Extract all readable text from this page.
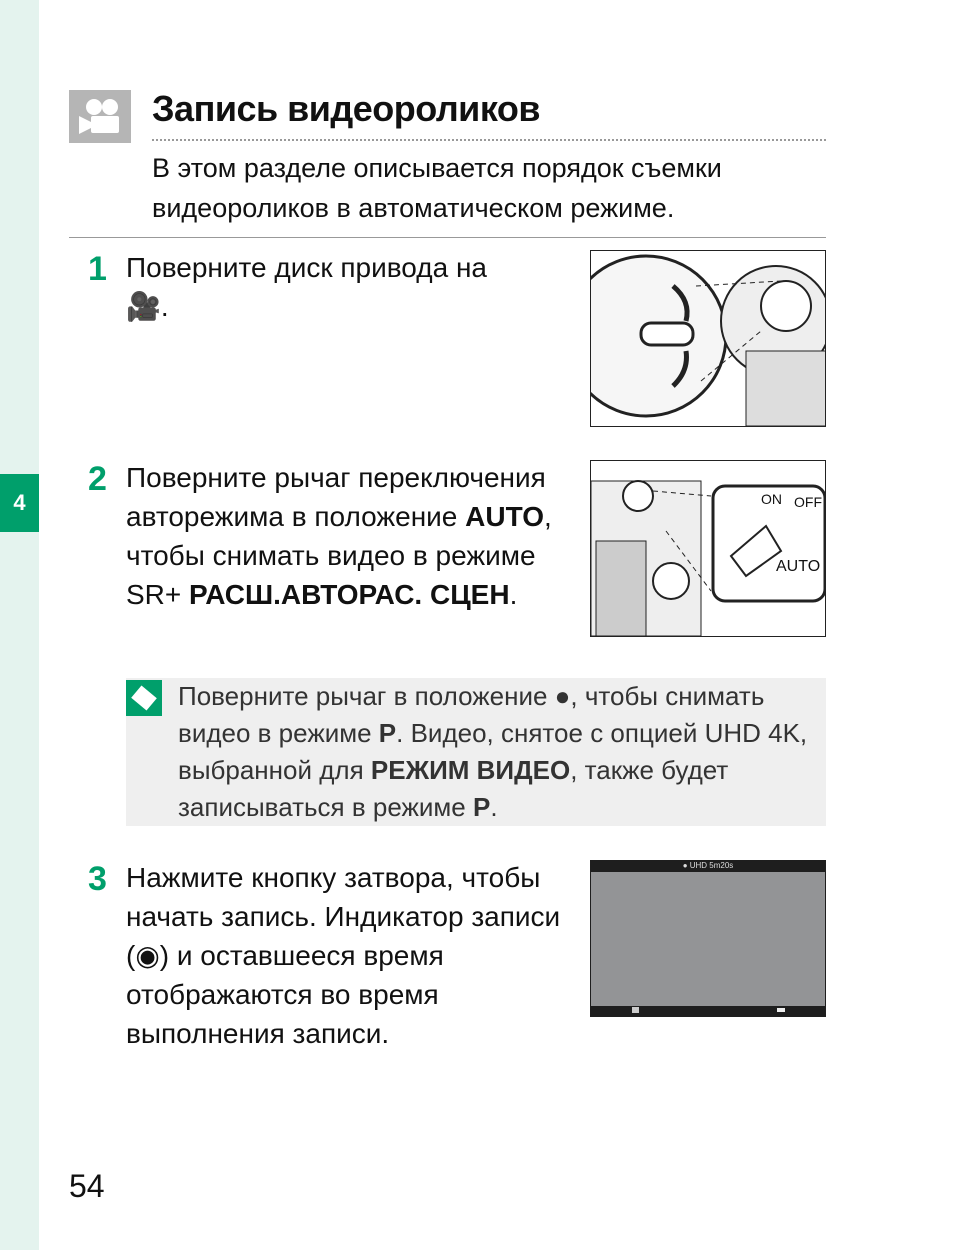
4
Запись видеороликов
В этом разделе описывается порядок съемки видеороликов в автоматическом режиме.
1 Поверните диск привода на 🎥.
2 Поверните рычаг переключения авторежима в положение AUTO, чтобы снимать видео в режиме SR+ РАСШ.АВТОРАС. СЦЕН.
AUTO
ON OFF
Поверните рычаг в положение ●, чтобы снимать видео в режиме P. Видео, снятое с опцией UHD 4K, выбранной для РЕЖИМ ВИДЕО, также будет записываться в режиме P.
3 Нажмите кнопку затвора, чтобы начать запись. Индикатор записи (◉) и оставшееся время отображаются во время выполнения записи.
● UHD 5m20s
54
